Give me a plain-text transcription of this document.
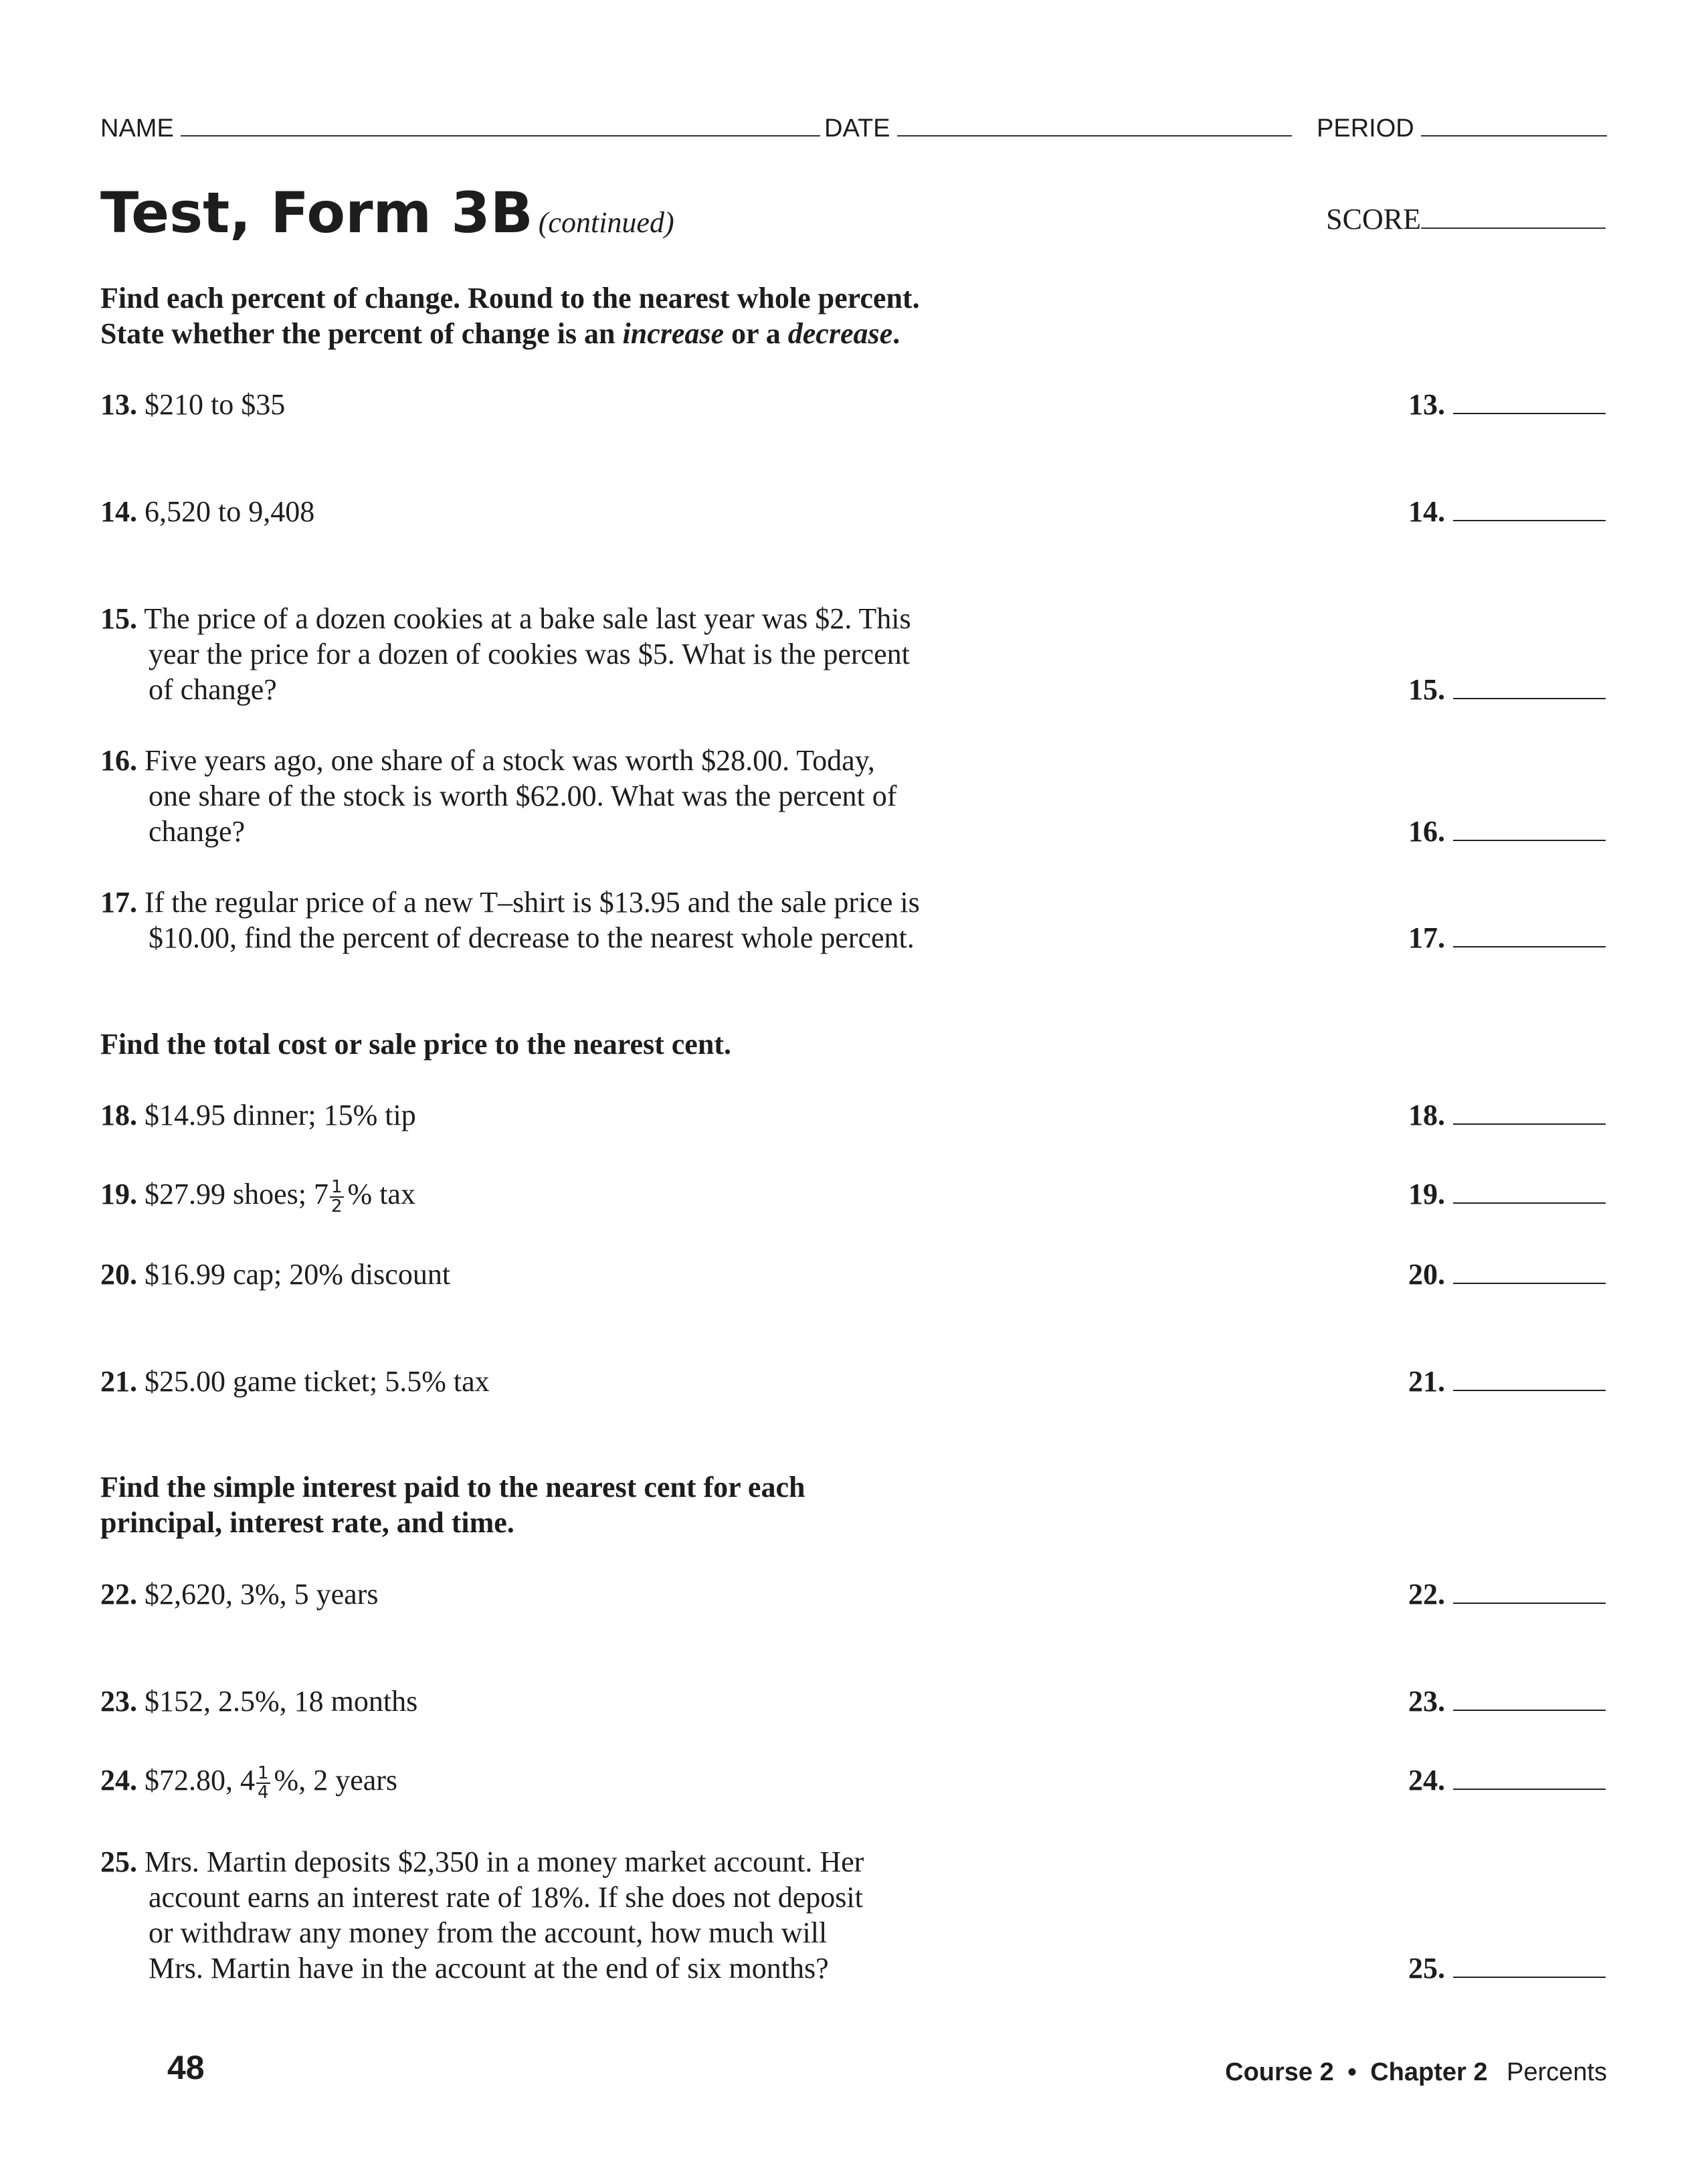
NAME	DATE	PERIOD
Test, Form 3B (continued)	SCORE
Find each percent of change. Round to the nearest whole percent.
State whether the percent of change is an increase or a decrease.
13. $210 to $35
14. 6,520 to 9,408
15. The price of a dozen cookies at a bake sale last year was $2. This
year the price for a dozen of cookies was $5. What is the percent
of change?
16. Five years ago, one share of a stock was worth $28.00. Today,
one share of the stock is worth $62.00. What was the percent of
change?
17. If the regular price of a new T–shirt is $13.95 and the sale price is
$10.00, find the percent of decrease to the nearest whole percent.
Find the total cost or sale price to the nearest cent.
18. $14.95 dinner; 15% tip
19. $27.99 shoes; $7 \frac{1}{2}$ % tax
20. $16.99 cap; 20% discount
21. $25.00 game ticket; 5.5% tax
Find the simple interest paid to the nearest cent for each
principal, interest rate, and time.
22. $2,620, 3%, 5 years
23. $152, 2.5%, 18 months
24. $72.80, $4 \frac{1}{4}$ %, 2 years
25. Mrs. Martin deposits $2,350 in a money market account. Her
account earns an interest rate of 18%. If she does not deposit
or withdraw any money from the account, how much will
Mrs. Martin have in the account at the end of six months?
13.
14.
15.
16.
17.
18.
19.
20.
21.
22.
23.
24.
25.
48	Course 2 • Chapter 2 Percents
